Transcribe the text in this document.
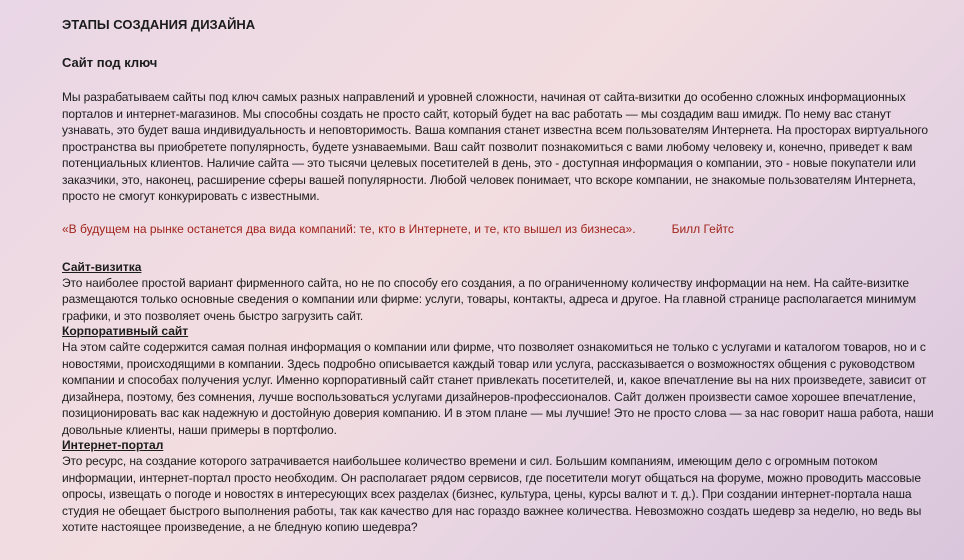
ЭТАПЫ СОЗДАНИЯ ДИЗАЙНА
Сайт под ключ
Мы разрабатываем сайты под ключ самых разных направлений и уровней сложности, начиная от сайта-визитки до особенно сложных информационных порталов и интернет-магазинов. Мы способны создать не просто сайт, который будет на вас работать — мы создадим ваш имидж. По нему вас станут узнавать, это будет ваша индивидуальность и неповторимость. Ваша компания станет известна всем пользователям Интернета. На просторах виртуального пространства вы приобретете популярность, будете узнаваемыми. Ваш сайт позволит познакомиться с вами любому человеку и, конечно, приведет к вам потенциальных клиентов. Наличие сайта — это тысячи целевых посетителей в день, это - доступная информация о компании, это - новые покупатели или заказчики, это, наконец, расширение сферы вашей популярности. Любой человек понимает, что вскоре компании, не знакомые пользователям Интернета, просто не смогут конкурировать с известными.
«В будущем на рынке останется два вида компаний: те, кто в Интернете, и те, кто вышел из бизнеса».	Билл Гейтс
Сайт-визитка
Это наиболее простой вариант фирменного сайта, но не по способу его создания, а по ограниченному количеству информации на нем. На сайте-визитке размещаются только основные сведения о компании или фирме: услуги, товары, контакты, адреса и другое. На главной странице располагается минимум графики, и это позволяет очень быстро загрузить сайт.
Корпоративный сайт
На этом сайте содержится самая полная информация о компании или фирме, что позволяет ознакомиться не только с услугами и каталогом товаров, но и с новостями, происходящими в компании. Здесь подробно описывается каждый товар или услуга, рассказывается о возможностях общения с руководством компании и способах получения услуг. Именно корпоративный сайт станет привлекать посетителей, и, какое впечатление вы на них произведете, зависит от дизайнера, поэтому, без сомнения, лучше воспользоваться услугами дизайнеров-профессионалов. Сайт должен произвести самое хорошее впечатление, позиционировать вас как надежную и достойную доверия компанию. И в этом плане — мы лучшие! Это не просто слова — за нас говорит наша работа, наши довольные клиенты, наши примеры в портфолио.
Интернет-портал
Это ресурс, на создание которого затрачивается наибольшее количество времени и сил. Большим компаниям, имеющим дело с огромным потоком информации, интернет-портал просто необходим. Он располагает рядом сервисов, где посетители могут общаться на форуме, можно проводить массовые опросы, извещать о погоде и новостях в интересующих всех разделах (бизнес, культура, цены, курсы валют и т. д.). При создании интернет-портала наша студия не обещает быстрого выполнения работы, так как качество для нас гораздо важнее количества. Невозможно создать шедевр за неделю, но ведь вы хотите настоящее произведение, а не бледную копию шедевра?
